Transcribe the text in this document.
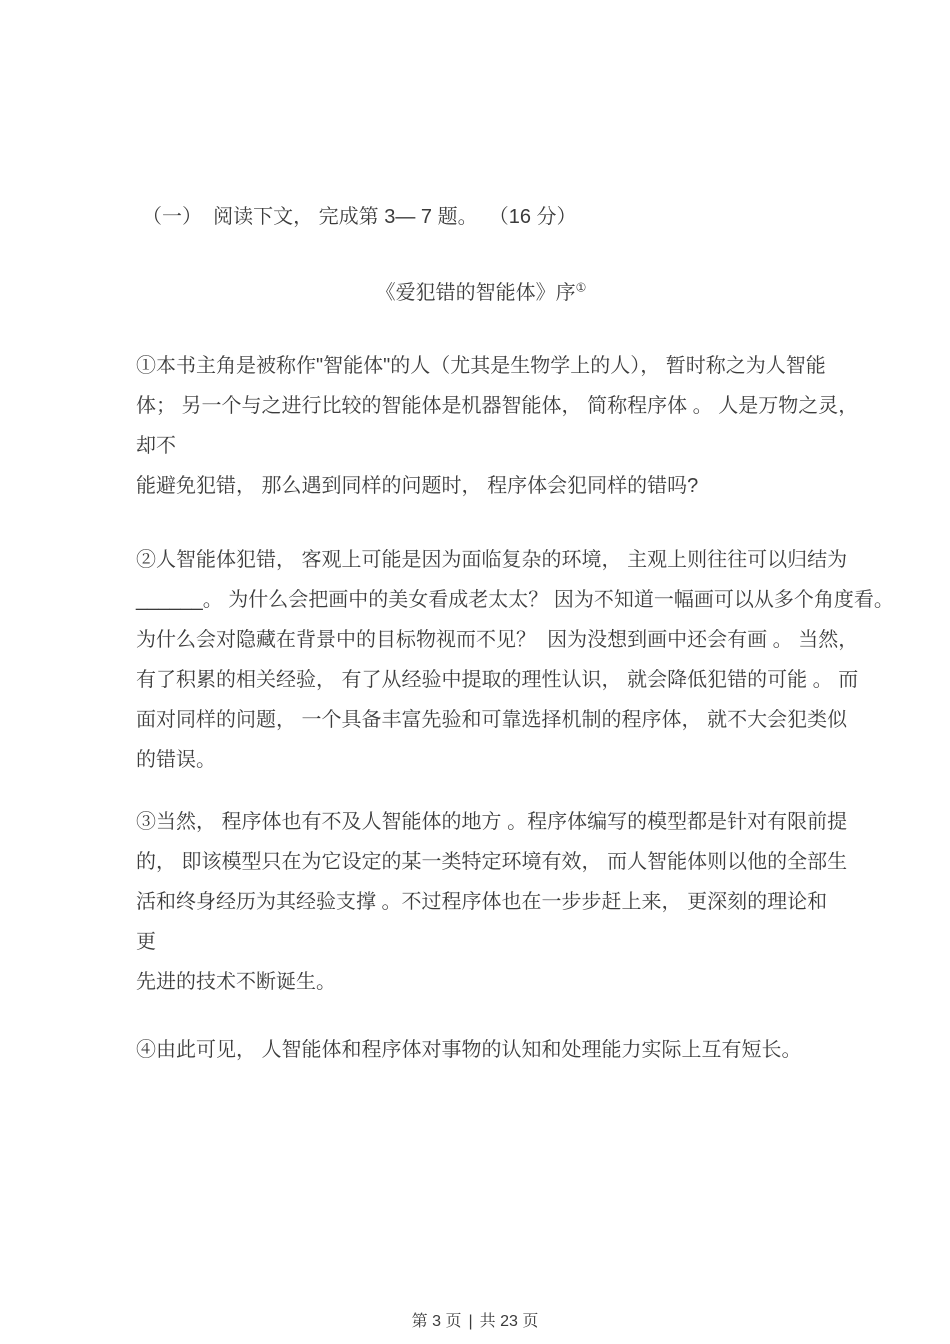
（一）  阅读下文， 完成第 3— 7 题。  （16 分）
《爱犯错的智能体》序①
①本书主角是被称作"智能体"的人（尤其是生物学上的人）， 暂时称之为人智能
体； 另一个与之进行比较的智能体是机器智能体， 简称程序体 。 人是万物之灵，
却不
能避免犯错， 那么遇到同样的问题时， 程序体会犯同样的错吗?
②人智能体犯错， 客观上可能是因为面临复杂的环境， 主观上则往往可以归结为
______。 为什么会把画中的美女看成老太太？ 因为不知道一幅画可以从多个角度看。
为什么会对隐藏在背景中的目标物视而不见？  因为没想到画中还会有画 。 当然，
有了积累的相关经验， 有了从经验中提取的理性认识， 就会降低犯错的可能 。 而
面对同样的问题， 一个具备丰富先验和可靠选择机制的程序体， 就不大会犯类似
的错误。
③当然， 程序体也有不及人智能体的地方 。程序体编写的模型都是针对有限前提
的， 即该模型只在为它设定的某一类特定环境有效， 而人智能体则以他的全部生
活和终身经历为其经验支撑 。不过程序体也在一步步赶上来， 更深刻的理论和
更
先进的技术不断诞生。
④由此可见， 人智能体和程序体对事物的认知和处理能力实际上互有短长。
第 3 页 | 共 23 页
